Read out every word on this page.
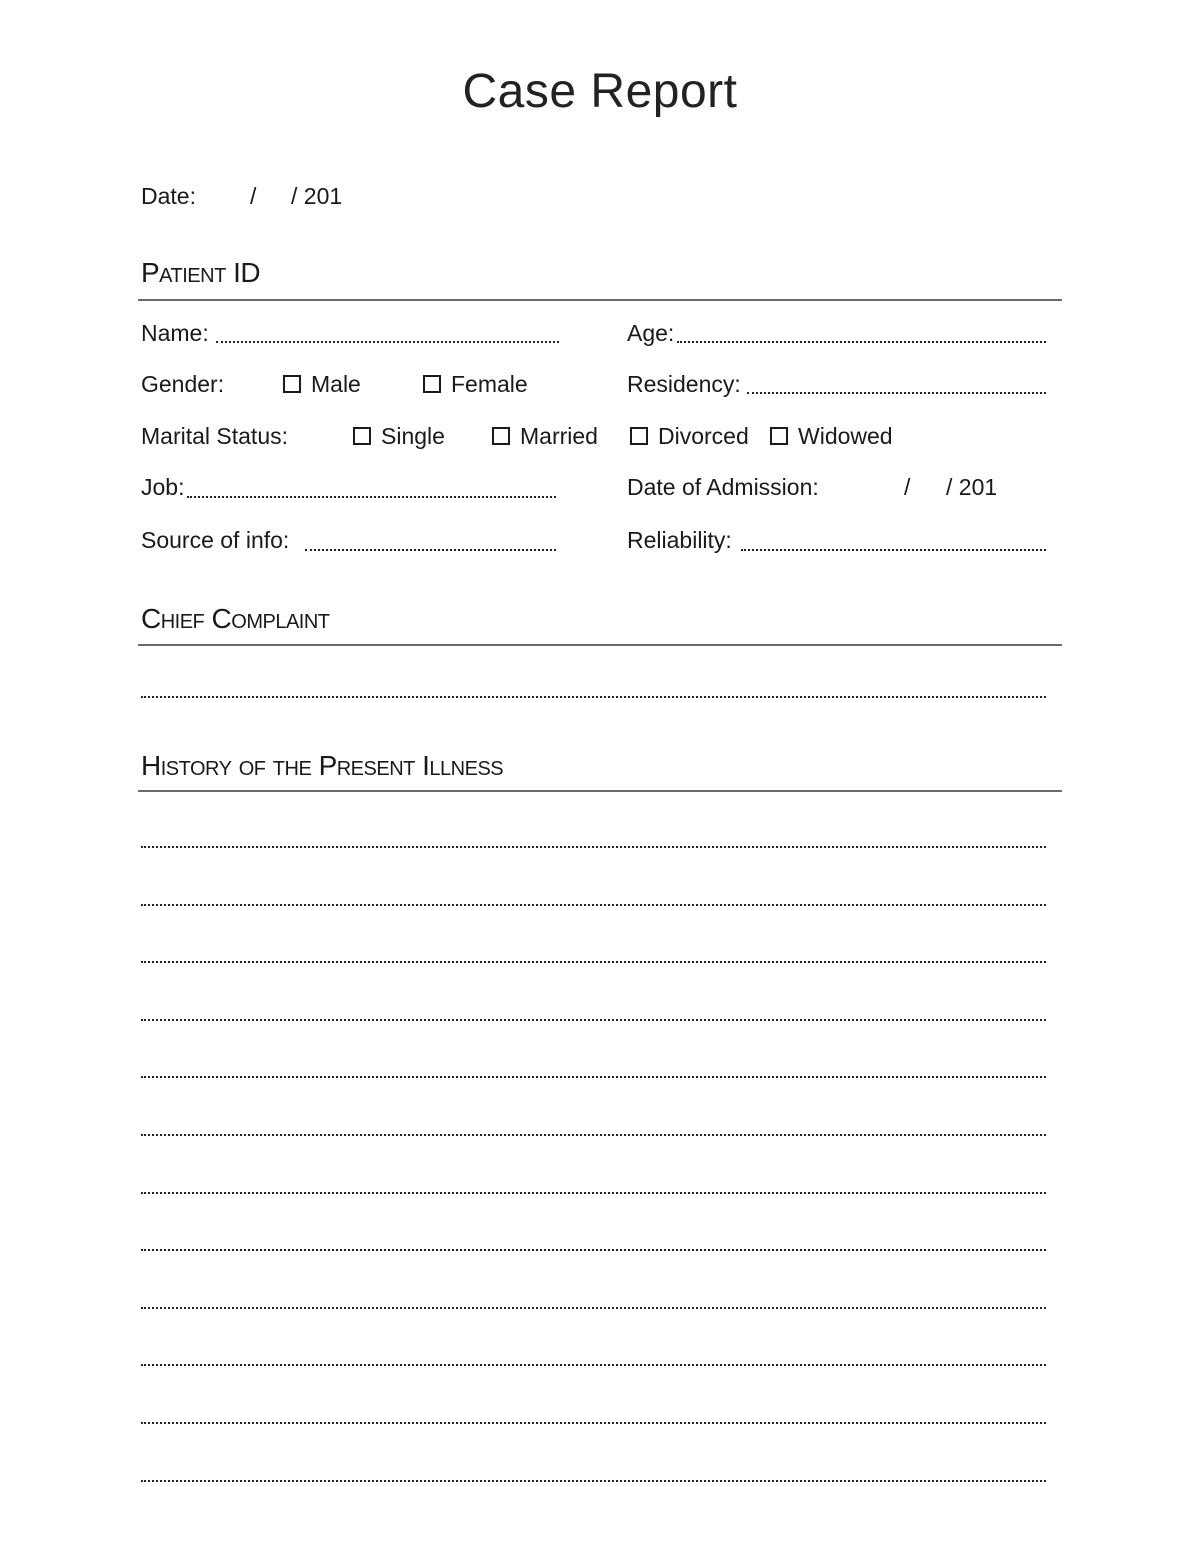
Case Report
Date: / / 201
Patient ID
Name:	Age:
Gender:	Male	Female	Residency:
Marital Status:	Single	Married	Divorced Widowed
Job:	Date of Admission:	/ / 201
Source of info:	Reliability:
Chief Complaint
History of the Present Illness
